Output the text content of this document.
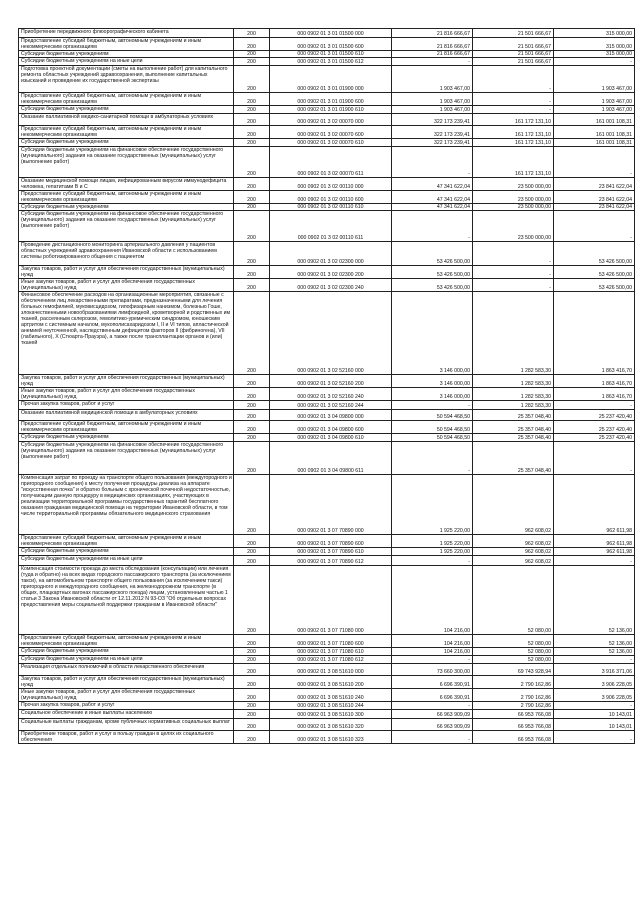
Приобретение передвижного флюорографического кабинета	200	000 0902 01 3 01 01500 000	21 816 666,67	21 501 666,67	315 000,00
Предоставление субсидий бюджетным, автономным учреждениям и иным некоммерческим организациям	200	000 0902 01 3 01 01500 600	21 816 666,67	21 501 666,67	315 000,00
Субсидии бюджетным учреждениям	200	000 0902 01 3 01 01500 610	21 816 666,67	21 501 666,67	315 000,00
Субсидии бюджетным учреждениям на иные цели	200	000 0902 01 3 01 01500 612	-	21 501 666,67	-
Подготовка проектной документации (сметы на выполнение работ) для капитального ремонта областных учреждений здравоохранения, выполнение капитальных изысканий и проведение их государственной экспертизы	200	000 0902 01 3 01 01900 000	1 903 467,00	-	1 903 467,00
Предоставление субсидий бюджетным, автономным учреждениям и иным некоммерческим организациям	200	000 0902 01 3 01 01900 600	1 903 467,00	-	1 903 467,00
Субсидии бюджетным учреждениям	200	000 0902 01 3 01 01900 610	1 903 467,00	-	1 903 467,00
Оказание паллиативной медико-санитарной помощи в амбулаторных условиях	200	000 0902 01 3 02 00070 000	322 173 239,41	161 172 131,10	161 001 108,31
Предоставление субсидий бюджетным, автономным учреждениям и иным некоммерческим организациям	200	000 0902 01 3 02 00070 600	322 173 239,41	161 172 131,10	161 001 108,31
Субсидии бюджетным учреждениям	200	000 0902 01 3 02 00070 610	322 173 239,41	161 172 131,10	161 001 108,31
Субсидии бюджетным учреждениям на финансовое обеспечение государственного (муниципального) задания на оказание государственных (муниципальных) услуг (выполнение работ)	200	000 0902 01 3 02 00070 611	-	161 172 131,10	-
Оказание медицинской помощи лицам, инфицированным вирусом иммунодефицита человека, гепатитами В и С	200	000 0902 01 3 02 00110 000	47 341 622,04	23 500 000,00	23 841 622,04
Предоставление субсидий бюджетным, автономным учреждениям и иным некоммерческим организациям	200	000 0902 01 3 02 00110 600	47 341 622,04	23 500 000,00	23 841 622,04
Субсидии бюджетным учреждениям	200	000 0902 01 3 02 00110 610	47 341 622,04	23 500 000,00	23 841 622,04
Субсидии бюджетным учреждениям на финансовое обеспечение государственного (муниципального) задания на оказание государственных (муниципальных) услуг (выполнение работ)	200	000 0902 01 3 02 00110 611	-	23 500 000,00	-
Проведение дистанционного мониторинга артериального давления у пациентов областных учреждений здравоохранения Ивановской области с использованием системы роботизированного общения с пациентом	200	000 0902 01 3 02 02300 000	53 426 500,00	-	53 426 500,00
Закупка товаров, работ и услуг для обеспечения государственных (муниципальных) нужд	200	000 0902 01 3 02 02300 200	53 426 500,00	-	53 426 500,00
Иные закупки товаров, работ и услуг для обеспечения государственных (муниципальных) нужд	200	000 0902 01 3 02 02300 240	53 426 500,00	-	53 426 500,00
Финансовое обеспечение расходов на организационные мероприятия, связанные с обеспечением лиц лекарственными препаратами, предназначенными для лечения больных гемофилией, муковисцидозом, гипофизарным нанизмом, болезнью Гоше, злокачественными новообразованиями лимфоидной, кроветворной и родственных им тканей, рассеянным склерозом, гемолитико-уремическим синдромом, юношеским артритом с системным началом, мукополисахаридозом I, II и VI типов, апластической анемией неуточненной, наследственным дефицитом факторов II (фибриногена), VII (лабильного), X (Стюарта-Прауэра), а также после трансплантации органов и (или) тканей	200	000 0902 01 3 02 52160 000	3 146 000,00	1 282 583,30	1 863 416,70
Закупка товаров, работ и услуг для обеспечения государственных (муниципальных) нужд	200	000 0902 01 3 02 52160 200	3 146 000,00	1 282 583,30	1 863 416,70
Иные закупки товаров, работ и услуг для обеспечения государственных (муниципальных) нужд	200	000 0902 01 3 02 52160 240	3 146 000,00	1 282 583,30	1 863 416,70
Прочая закупка товаров, работ и услуг	200	000 0902 01 3 02 52160 244	-	1 282 583,30	-
Оказание паллиативной медицинской помощи в амбулаторных условиях	200	000 0902 01 3 04 09800 000	50 594 468,50	25 357 048,40	25 237 420,40
Предоставление субсидий бюджетным, автономным учреждениям и иным некоммерческим организациям	200	000 0902 01 3 04 09800 600	50 594 468,50	25 357 048,40	25 237 420,40
Субсидии бюджетным учреждениям	200	000 0902 01 3 04 09800 610	50 594 468,50	25 357 048,40	25 237 420,40
Субсидии бюджетным учреждениям на финансовое обеспечение государственного (муниципального) задания на оказание государственных (муниципальных) услуг (выполнение работ)	200	000 0902 01 3 04 09800 611	-	25 357 048,40	-
Компенсация затрат по проезду на транспорте общего пользования (междугородного и пригородного сообщения) к месту получения процедуры диализа на аппарате "искусственная почка" и обратно больным с хронической почечной недостаточностью, получающим данную процедуру в медицинских организациях, участвующих в реализации территориальной программы государственных гарантий бесплатного оказания гражданам медицинской помощи на территории Ивановской области, в том числе территориальной программы обязательного медицинского страхования	200	000 0902 01 3 07 70890 000	1 925 220,00	962 608,02	962 611,98
Предоставление субсидий бюджетным, автономным учреждениям и иным некоммерческим организациям	200	000 0902 01 3 07 70890 600	1 925 220,00	962 608,02	962 611,98
Субсидии бюджетным учреждениям	200	000 0902 01 3 07 70890 610	1 925 220,00	962 608,02	962 611,98
Субсидии бюджетным учреждениям на иные цели	200	000 0902 01 3 07 70890 612	-	962 608,02	-
Компенсация стоимости проезда до места обследования (консультации) или лечения (туда и обратно) на всех видах городского пассажирского транспорта (за исключением такси), на автомобильном транспорте общего пользования (за исключением такси) пригородного и междугородного сообщения, на железнодорожном транспорте (в общих, плацкартных вагонах пассажирского поезда) лицам, установленным частью 1 статьи 3 Закона Ивановской области от 12.11.2012 N 93-ОЗ "Об отдельных вопросах предоставления меры социальной поддержки гражданам в Ивановской области"	200	000 0902 01 3 07 71080 000	104 216,00	52 080,00	52 136,00
Предоставление субсидий бюджетным, автономным учреждениям и иным некоммерческим организациям	200	000 0902 01 3 07 71080 600	104 216,00	52 080,00	52 136,00
Субсидии бюджетным учреждениям	200	000 0902 01 3 07 71080 610	104 216,00	52 080,00	52 136,00
Субсидии бюджетным учреждениям на иные цели	200	000 0902 01 3 07 71080 612	-	52 080,00	-
Реализация отдельных полномочий в области лекарственного обеспечения	200	000 0902 01 3 08 51610 000	73 660 300,00	69 743 928,94	3 916 371,06
Закупка товаров, работ и услуг для обеспечения государственных (муниципальных) нужд	200	000 0902 01 3 08 51610 200	6 696 390,91	2 790 162,86	3 906 228,05
Иные закупки товаров, работ и услуг для обеспечения государственных (муниципальных) нужд	200	000 0902 01 3 08 51610 240	6 696 390,91	2 790 162,86	3 906 228,05
Прочая закупка товаров, работ и услуг	200	000 0902 01 3 08 51610 244	-	2 790 162,86	-
Социальное обеспечение и иные выплаты населению	200	000 0902 01 3 08 51610 300	66 963 909,09	66 953 766,08	10 143,01
Социальные выплаты гражданам, кроме публичных нормативных социальных выплат	200	000 0902 01 3 08 51610 320	66 963 909,09	66 953 766,08	10 143,01
Приобретение товаров, работ и услуг в пользу граждан в целях их социального обеспечения	200	000 0902 01 3 08 51610 323	-	66 953 766,08	-
